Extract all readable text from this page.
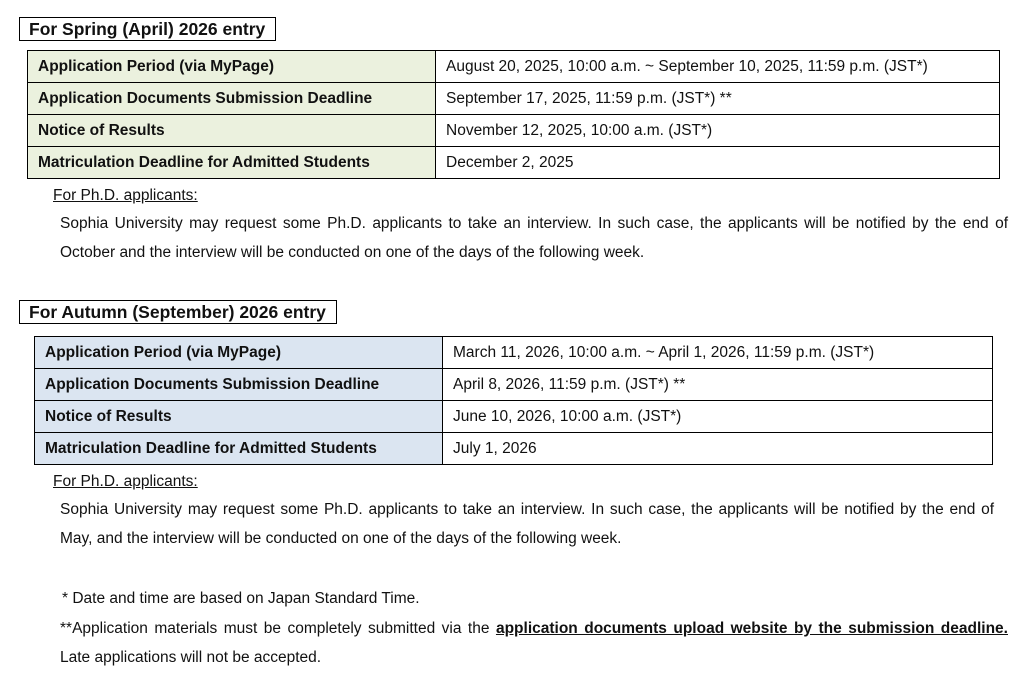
For Spring (April) 2026 entry
Application Period (via MyPage)	August 20, 2025, 10:00 a.m. ~ September 10, 2025, 11:59 p.m. (JST*)
Application Documents Submission Deadline	September 17, 2025, 11:59 p.m. (JST*) **
Notice of Results	November 12, 2025, 10:00 a.m. (JST*)
Matriculation Deadline for Admitted Students	December 2, 2025
For Ph.D. applicants:
Sophia University may request some Ph.D. applicants to take an interview. In such case, the applicants will be notified by the end of October and the interview will be conducted on one of the days of the following week.
For Autumn (September) 2026 entry
Application Period (via MyPage)	March 11, 2026, 10:00 a.m. ~ April 1, 2026, 11:59 p.m. (JST*)
Application Documents Submission Deadline	April 8, 2026, 11:59 p.m. (JST*) **
Notice of Results	June 10, 2026, 10:00 a.m. (JST*)
Matriculation Deadline for Admitted Students	July 1, 2026
For Ph.D. applicants:
Sophia University may request some Ph.D. applicants to take an interview. In such case, the applicants will be notified by the end of May, and the interview will be conducted on one of the days of the following week.
* Date and time are based on Japan Standard Time.
**Application materials must be completely submitted via the application documents upload website by the submission deadline. Late applications will not be accepted.
